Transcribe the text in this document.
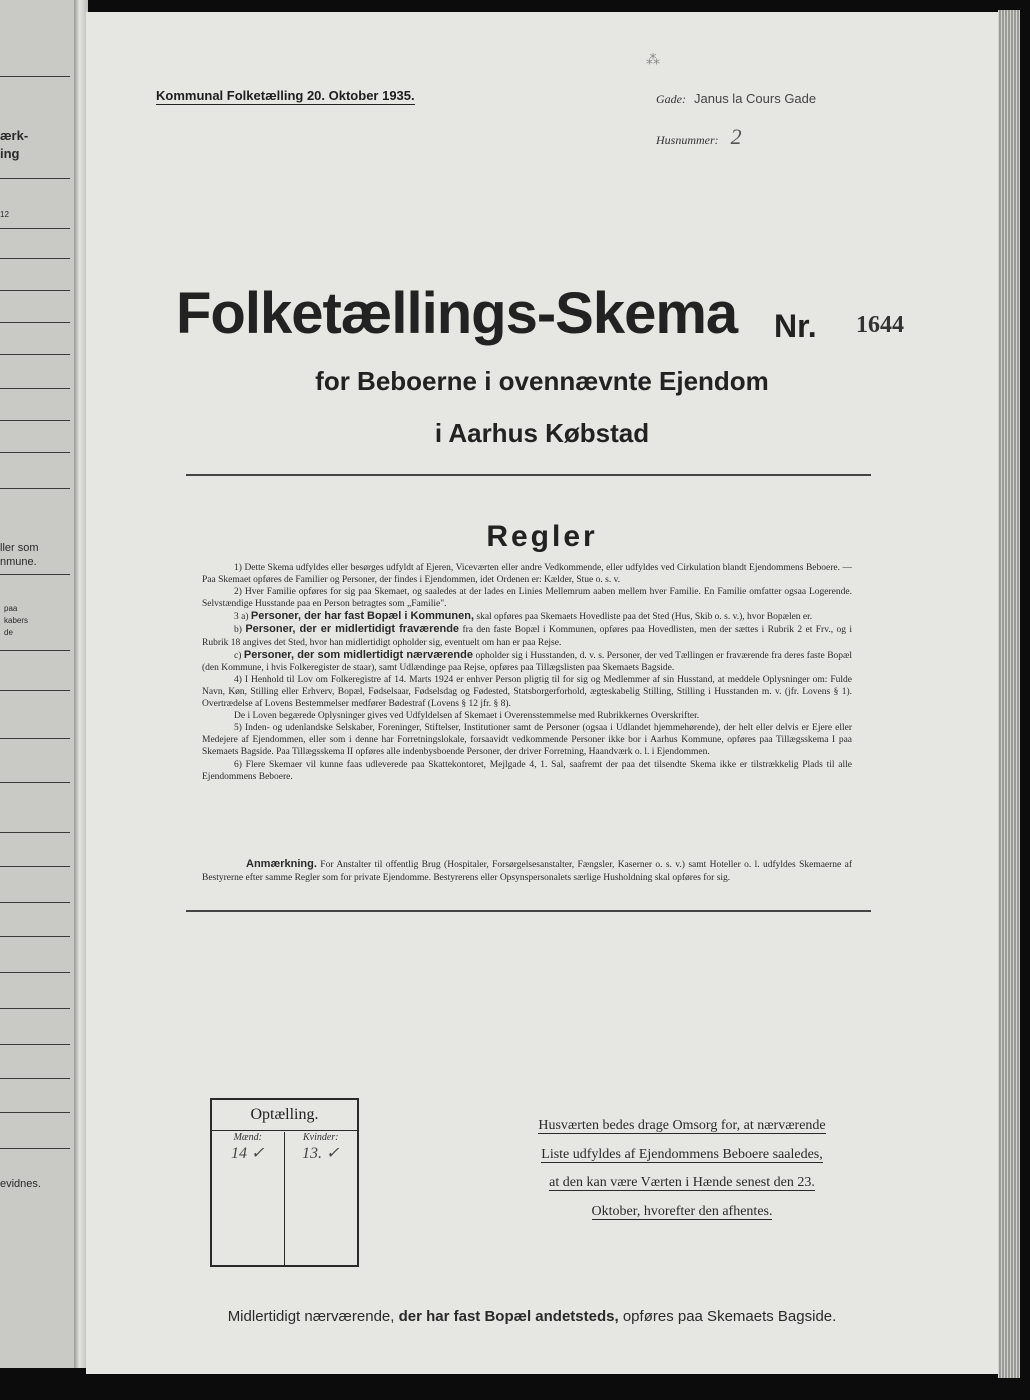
ærk-
ing
12
ller som
nmune.
paa
kabers
de
evidnes.
⁂
Kommunal Folketælling 20. Oktober 1935.	Gade: Janus la Cours Gade
Husnummer: 2
Folketællings-Skema Nr. 1644
for Beboerne i ovennævnte Ejendom
i Aarhus Købstad
Regler

1) Dette Skema udfyldes eller besørges udfyldt af Ejeren, Viceværten eller andre Vedkommende, eller udfyldes ved Cirkulation blandt Ejendommens Beboere. — Paa Skemaet opføres de Familier og Personer, der findes i Ejendommen, idet Ordenen er: Kælder, Stue o. s. v.

2) Hver Familie opføres for sig paa Skemaet, og saaledes at der lades en Linies Mellemrum aaben mellem hver Familie. En Familie omfatter ogsaa Logerende. Selvstændige Husstande paa en Person betragtes som „Familie".

3 a) Personer, der har fast Bopæl i Kommunen, skal opføres paa Skemaets Hovedliste paa det Sted (Hus, Skib o. s. v.), hvor Bopælen er.

b) Personer, der er midlertidigt fraværende fra den faste Bopæl i Kommunen, opføres paa Hovedlisten, men der sættes i Rubrik 2 et Frv., og i Rubrik 18 angives det Sted, hvor han midlertidigt opholder sig, eventuelt om han er paa Rejse.

c) Personer, der som midlertidigt nærværende opholder sig i Husstanden, d. v. s. Personer, der ved Tællingen er fraværende fra deres faste Bopæl (den Kommune, i hvis Folkeregister de staar), samt Udlændinge paa Rejse, opføres paa Tillægslisten paa Skemaets Bagside.

4) I Henhold til Lov om Folkeregistre af 14. Marts 1924 er enhver Person pligtig til for sig og Medlemmer af sin Husstand, at meddele Oplysninger om: Fulde Navn, Køn, Stilling eller Erhverv, Bopæl, Fødselsaar, Fødselsdag og Fødested, Statsborgerforhold, ægteskabelig Stilling, Stilling i Husstanden m. v. (jfr. Lovens § 1). Overtrædelse af Lovens Bestemmelser medfører Bødestraf (Lovens § 12 jfr. § 8).

De i Loven begærede Oplysninger gives ved Udfyldelsen af Skemaet i Overensstemmelse med Rubrikkernes Overskrifter.

5) Inden- og udenlandske Selskaber, Foreninger, Stiftelser, Institutioner samt de Personer (ogsaa i Udlandet hjemmehørende), der helt eller delvis er Ejere eller Medejere af Ejendommen, eller som i denne har Forretningslokale, forsaavidt vedkommende Personer ikke bor i Aarhus Kommune, opføres paa Tillægsskema I paa Skemaets Bagside. Paa Tillægsskema II opføres alle indenbysboende Personer, der driver Forretning, Haandværk o. l. i Ejendommen.

6) Flere Skemaer vil kunne faas udleverede paa Skattekontoret, Mejlgade 4, 1. Sal, saafremt der paa det tilsendte Skema ikke er tilstrækkelig Plads til alle Ejendommens Beboere.

Anmærkning. For Anstalter til offentlig Brug (Hospitaler, Forsørgelsesanstalter, Fængsler, Kaserner o. s. v.) samt Hoteller o. l. udfyldes Skemaerne af Bestyrerne efter samme Regler som for private Ejendomme. Bestyrerens eller Opsynspersonalets særlige Husholdning skal opføres for sig.
Optælling.
Mænd:
14 ✓
Kvinder:
13. ✓
Husværten bedes drage Omsorg for, at nærværende
Liste udfyldes af Ejendommens Beboere saaledes,
at den kan være Værten i Hænde senest den 23.
Oktober, hvorefter den afhentes.
Midlertidigt nærværende, der har fast Bopæl andetsteds, opføres paa Skemaets Bagside.
